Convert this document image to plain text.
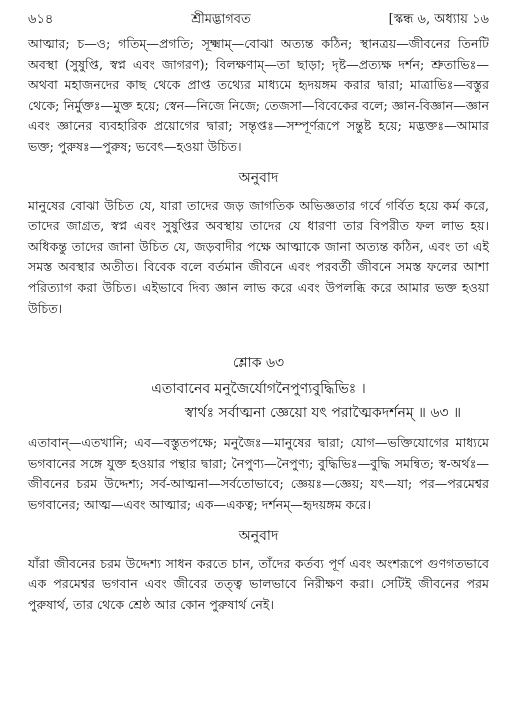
৬১৪	শ্রীমদ্ভাগবত	[স্কন্ধ ৬, অধ্যায় ১৬

আত্মার; চ—ও; গতিম্—প্রগতি; সূক্ষ্মাম্—বোঝা অত্যন্ত কঠিন; স্থানত্রয়—জীবনের তিনটি অবস্থা (সুষুপ্তি, স্বপ্ন এবং জাগরণ); বিলক্ষণাম্—তা ছাড়া; দৃষ্ট—প্রত্যক্ষ দর্শন; শ্রুতাভিঃ—অথবা মহাজনদের কাছ থেকে প্রাপ্ত তথ্যের মাধ্যমে হৃদয়ঙ্গম করার দ্বারা; মাত্রাভিঃ—বস্তুর থেকে; নির্মুক্তঃ—মুক্ত হয়ে; স্বেন—নিজে নিজে; তেজসা—বিবেকের বলে; জ্ঞান-বিজ্ঞান—জ্ঞান এবং জ্ঞানের ব্যবহারিক প্রয়োগের দ্বারা; সন্তৃপ্তঃ—সম্পূর্ণরূপে সন্তুষ্ট হয়ে; মদ্ভক্তঃ—আমার ভক্ত; পুরুষঃ—পুরুষ; ভবেৎ—হওয়া উচিত।

অনুবাদ

মানুষের বোঝা উচিত যে, যারা তাদের জড় জাগতিক অভিজ্ঞতার গর্বে গর্বিত হয়ে কর্ম করে, তাদের জাগ্রত, স্বপ্ন এবং সুষুপ্তির অবস্থায় তাদের যে ধারণা তার বিপরীত ফল লাভ হয়। অধিকন্তু তাদের জানা উচিত যে, জড়বাদীর পক্ষে আত্মাকে জানা অত্যন্ত কঠিন, এবং তা এই সমস্ত অবস্থার অতীত। বিবেক বলে বর্তমান জীবনে এবং পরবর্তী জীবনে সমস্ত ফলের আশা পরিত্যাগ করা উচিত। এইভাবে দিব্য জ্ঞান লাভ করে এবং উপলব্ধি করে আমার ভক্ত হওয়া উচিত।

শ্লোক ৬৩

এতাবানেব মনুজৈর্যোগনৈপুণ্যবুদ্ধিভিঃ ।

স্বার্থঃ সর্বাত্মনা জ্ঞেয়ো যৎ পরাত্মৈকদর্শনম্ ॥ ৬৩ ॥

এতাবান্—এতখানি; এব—বস্তুতপক্ষে; মনুজৈঃ—মানুষের দ্বারা; যোগ—ভক্তিযোগের মাধ্যমে ভগবানের সঙ্গে যুক্ত হওয়ার পন্থার দ্বারা; নৈপুণ্য—নৈপুণ্য; বুদ্ধিভিঃ—বুদ্ধি সমন্বিত; স্ব-অর্থঃ—জীবনের চরম উদ্দেশ্য; সর্ব-আত্মনা—সর্বতোভাবে; জ্ঞেয়ঃ—জ্ঞেয়; যৎ—যা; পর—পরমেশ্বর ভগবানের; আত্ম—এবং আত্মার; এক—একত্ব; দর্শনম্—হৃদয়ঙ্গম করে।

অনুবাদ

যাঁরা জীবনের চরম উদ্দেশ্য সাধন করতে চান, তাঁদের কর্তব্য পূর্ণ এবং অংশরূপে গুণগতভাবে এক পরমেশ্বর ভগবান এবং জীবের তত্ত্ব ভালভাবে নিরীক্ষণ করা। সেটিই জীবনের পরম পুরুষার্থ, তার থেকে শ্রেষ্ঠ আর কোন পুরুষার্থ নেই।
